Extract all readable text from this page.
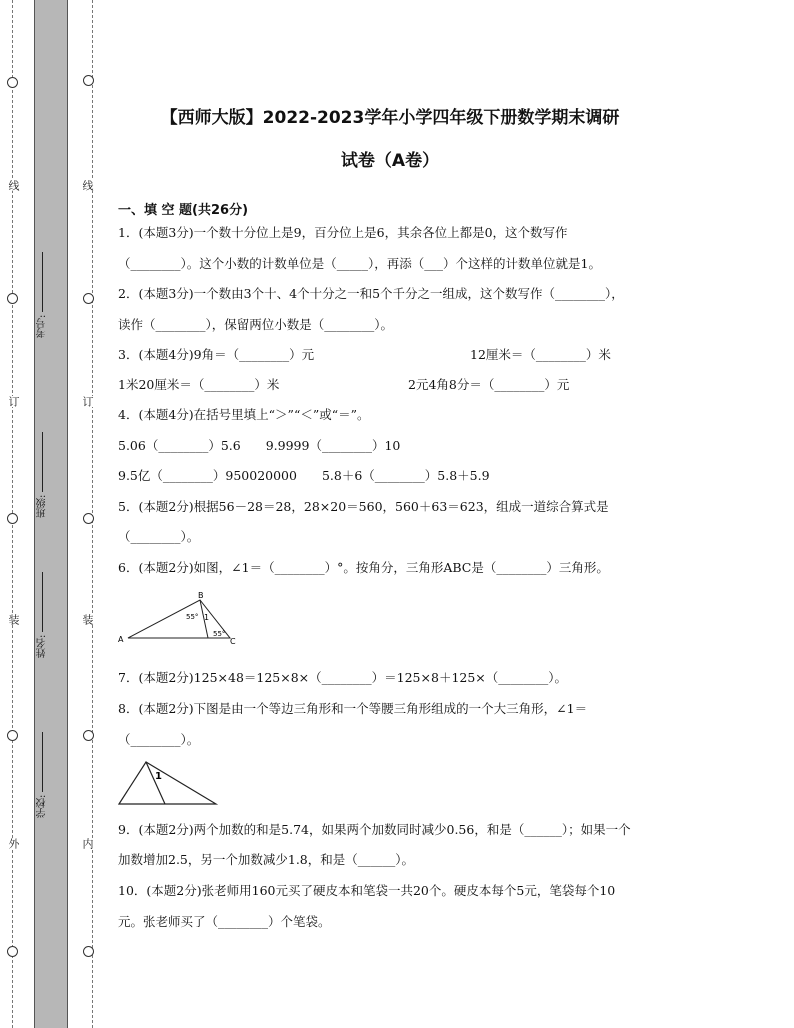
线
订
装
外
考号:
班级:
姓名:
学校:
线
订
装
内
【西师大版】2022-2023学年小学四年级下册数学期末调研
试卷（A卷）
一、填 空 题(共26分)
1．(本题3分)一个数十分位上是9，百分位上是6，其余各位上都是0，这个数写作
（________）。这个小数的计数单位是（_____），再添（___）个这样的计数单位就是1。
2．(本题3分)一个数由3个十、4个十分之一和5个千分之一组成，这个数写作（________），
读作（________），保留两位小数是（________）。
3．(本题4分)9角＝（________）元	12厘米＝（________）米
1米20厘米＝（________）米	2元4角8分＝（________）元
4．(本题4分)在括号里填上“＞”“＜”或“＝”。
5.06（________）5.6　　9.9999（________）10
9.5亿（________）950020000　　5.8＋6（________）5.8＋5.9
5．(本题2分)根据56－28＝28，28×20＝560，560＋63＝623，组成一道综合算式是
（________）。
6．(本题2分)如图，∠1＝（________）°。按角分，三角形ABC是（________）三角形。
A
B
C
1
55°
55°
7．(本题2分)125×48＝125×8×（________）＝125×8＋125×（________）。
8．(本题2分)下图是由一个等边三角形和一个等腰三角形组成的一个大三角形，∠1＝
（________）。
1
9．(本题2分)两个加数的和是5.74，如果两个加数同时减少0.56，和是（______）；如果一个
加数增加2.5，另一个加数减少1.8，和是（______）。
10．(本题2分)张老师用160元买了硬皮本和笔袋一共20个。硬皮本每个5元，笔袋每个10
元。张老师买了（________）个笔袋。
